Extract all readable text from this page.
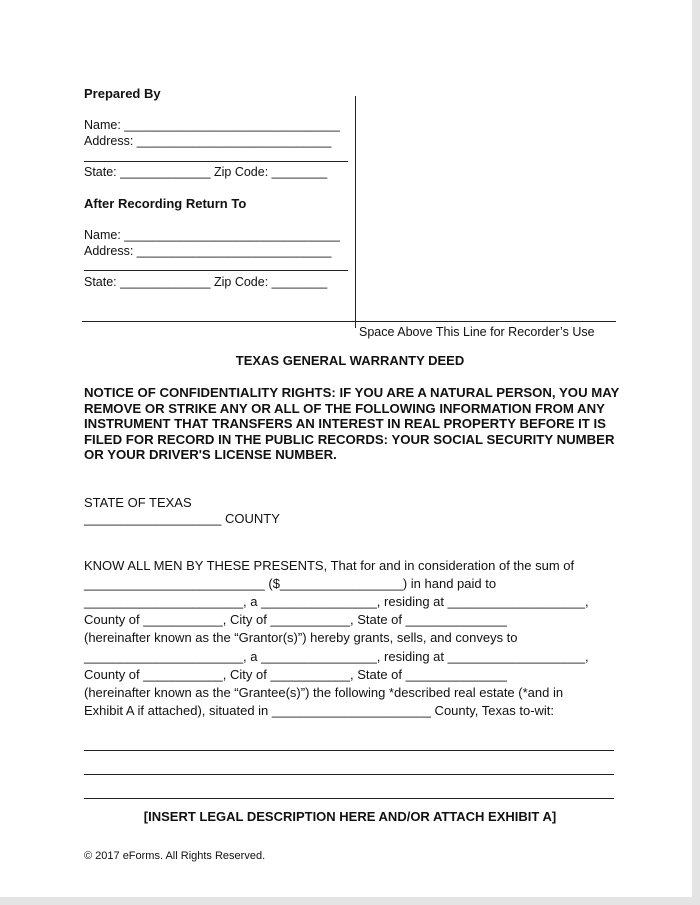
Prepared By
Name: _______________________________
Address: ____________________________
State: _____________ Zip Code: ________
After Recording Return To
Name: _______________________________
Address: ____________________________
State: _____________ Zip Code: ________
Space Above This Line for Recorder’s Use
TEXAS GENERAL WARRANTY DEED
NOTICE OF CONFIDENTIALITY RIGHTS: IF YOU ARE A NATURAL PERSON, YOU MAY REMOVE OR STRIKE ANY OR ALL OF THE FOLLOWING INFORMATION FROM ANY INSTRUMENT THAT TRANSFERS AN INTEREST IN REAL PROPERTY BEFORE IT IS FILED FOR RECORD IN THE PUBLIC RECORDS: YOUR SOCIAL SECURITY NUMBER OR YOUR DRIVER'S LICENSE NUMBER.
STATE OF TEXAS
___________________ COUNTY
KNOW ALL MEN BY THESE PRESENTS, That for and in consideration of the sum of
_________________________ ($_________________) in hand paid to
______________________, a ________________, residing at ___________________,
County of ___________, City of ___________, State of ______________
(hereinafter known as the “Grantor(s)”) hereby grants, sells, and conveys to
______________________, a ________________, residing at ___________________,
County of ___________, City of ___________, State of ______________
(hereinafter known as the “Grantee(s)”) the following *described real estate (*and in
Exhibit A if attached), situated in ______________________ County, Texas to-wit:
[INSERT LEGAL DESCRIPTION HERE AND/OR ATTACH EXHIBIT A]
© 2017 eForms. All Rights Reserved.
